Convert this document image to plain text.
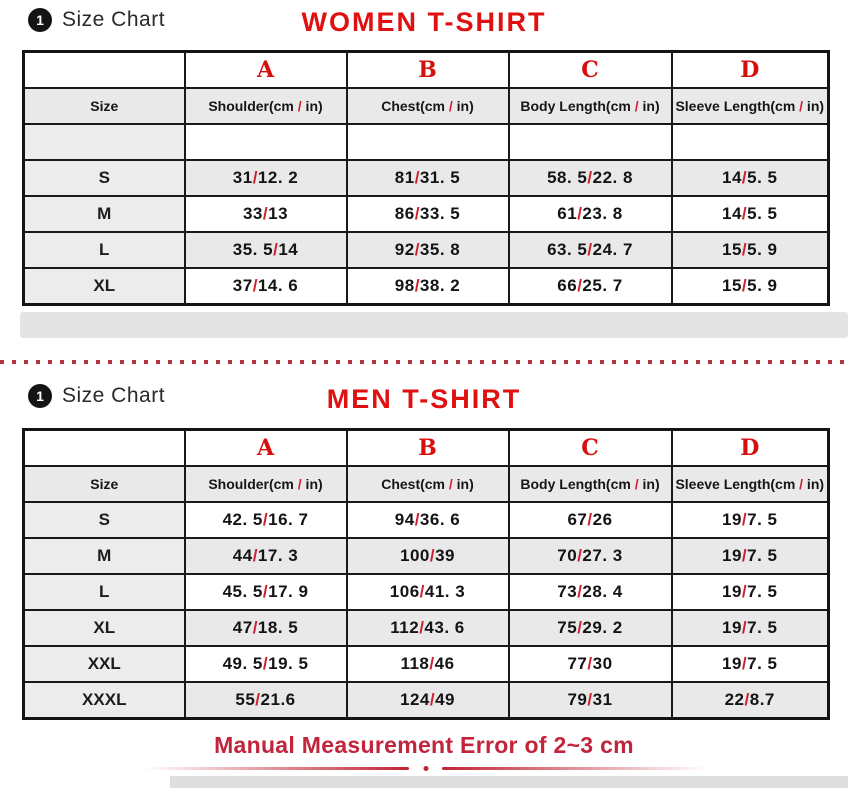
1 Size Chart	WOMEN T-SHIRT
	A	B	C	D
Size	Shoulder(cm / in)	Chest(cm / in)	Body Length(cm / in)	Sleeve Length(cm / in)

S	31/12. 2	81/31. 5	58. 5/22. 8	14/5. 5
M	33/13	86/33. 5	61/23. 8	14/5. 5
L	35. 5/14	92/35. 8	63. 5/24. 7	15/5. 9
XL	37/14. 6	98/38. 2	66/25. 7	15/5. 9
1 Size Chart	MEN T-SHIRT
	A	B	C	D
Size	Shoulder(cm / in)	Chest(cm / in)	Body Length(cm / in)	Sleeve Length(cm / in)
S	42. 5/16. 7	94/36. 6	67/26	19/7. 5
M	44/17. 3	100/39	70/27. 3	19/7. 5
L	45. 5/17. 9	106/41. 3	73/28. 4	19/7. 5
XL	47/18. 5	112/43. 6	75/29. 2	19/7. 5
XXL	49. 5/19. 5	118/46	77/30	19/7. 5
XXXL	55/21.6	124/49	79/31	22/8.7
Manual Measurement Error of 2~3 cm
